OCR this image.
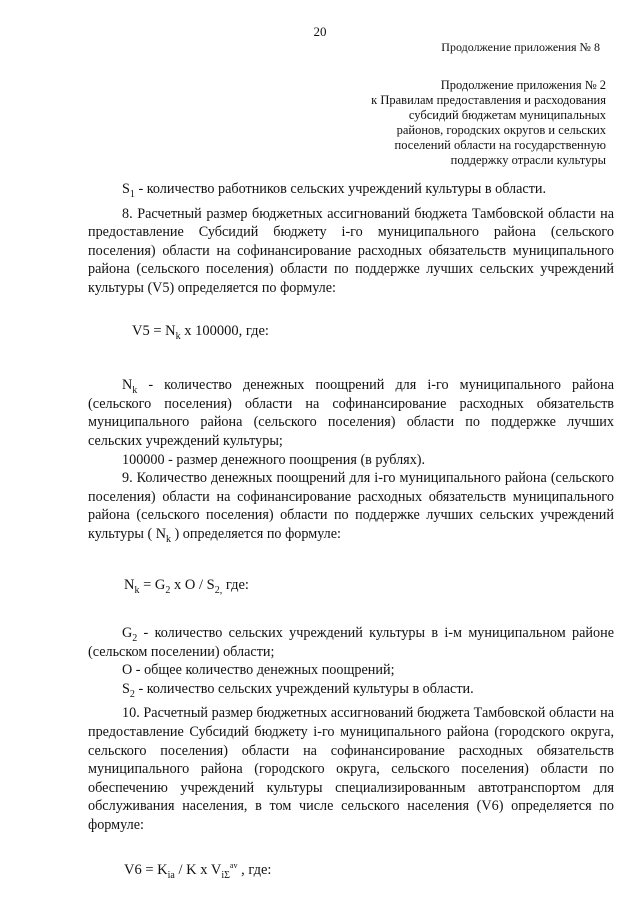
20
Продолжение приложения № 8
Продолжение приложения № 2
к Правилам предоставления и расходования
субсидий бюджетам муниципальных
районов, городских округов и сельских
поселений области на государственную
поддержку отрасли культуры

$S_1$ - количество работников сельских учреждений культуры в области.

8. Расчетный размер бюджетных ассигнований бюджета Тамбовской области на предоставление Субсидий бюджету i-го муниципального района (сельского поселения) области на софинансирование расходных обязательств муниципального района (сельского поселения) области по поддержке лучших сельских учреждений культуры (V5) определяется по формуле:

$V5 = N_k$ x 100000, где:

$N_k$ - количество денежных поощрений для i-го муниципального района (сельского поселения) области на софинансирование расходных обязательств муниципального района (сельского поселения) области по поддержке лучших сельских учреждений культуры;

100000 - размер денежного поощрения (в рублях).

9. Количество денежных поощрений для i-го муниципального района (сельского поселения) области на софинансирование расходных обязательств муниципального района (сельского поселения) области по поддержке лучших сельских учреждений культуры ( $N_k$ ) определяется по формуле:

$N_k = G_2$ x O / $S_{2,}$ где:

$G_2$ - количество сельских учреждений культуры в i-м муниципальном районе (сельском поселении) области;

О - общее количество денежных поощрений;

$S_2$ - количество сельских учреждений культуры в области.

10. Расчетный размер бюджетных ассигнований бюджета Тамбовской области на предоставление Субсидий бюджету i-го муниципального района (городского округа, сельского поселения) области на софинансирование расходных обязательств муниципального района (городского округа, сельского поселения) области по обеспечению учреждений культуры специализированным автотранспортом для обслуживания населения, в том числе сельского населения (V6) определяется по формуле:

$V6 = K_{ia} / K$ x $V_{i\Sigma}^{av}$ , где:
